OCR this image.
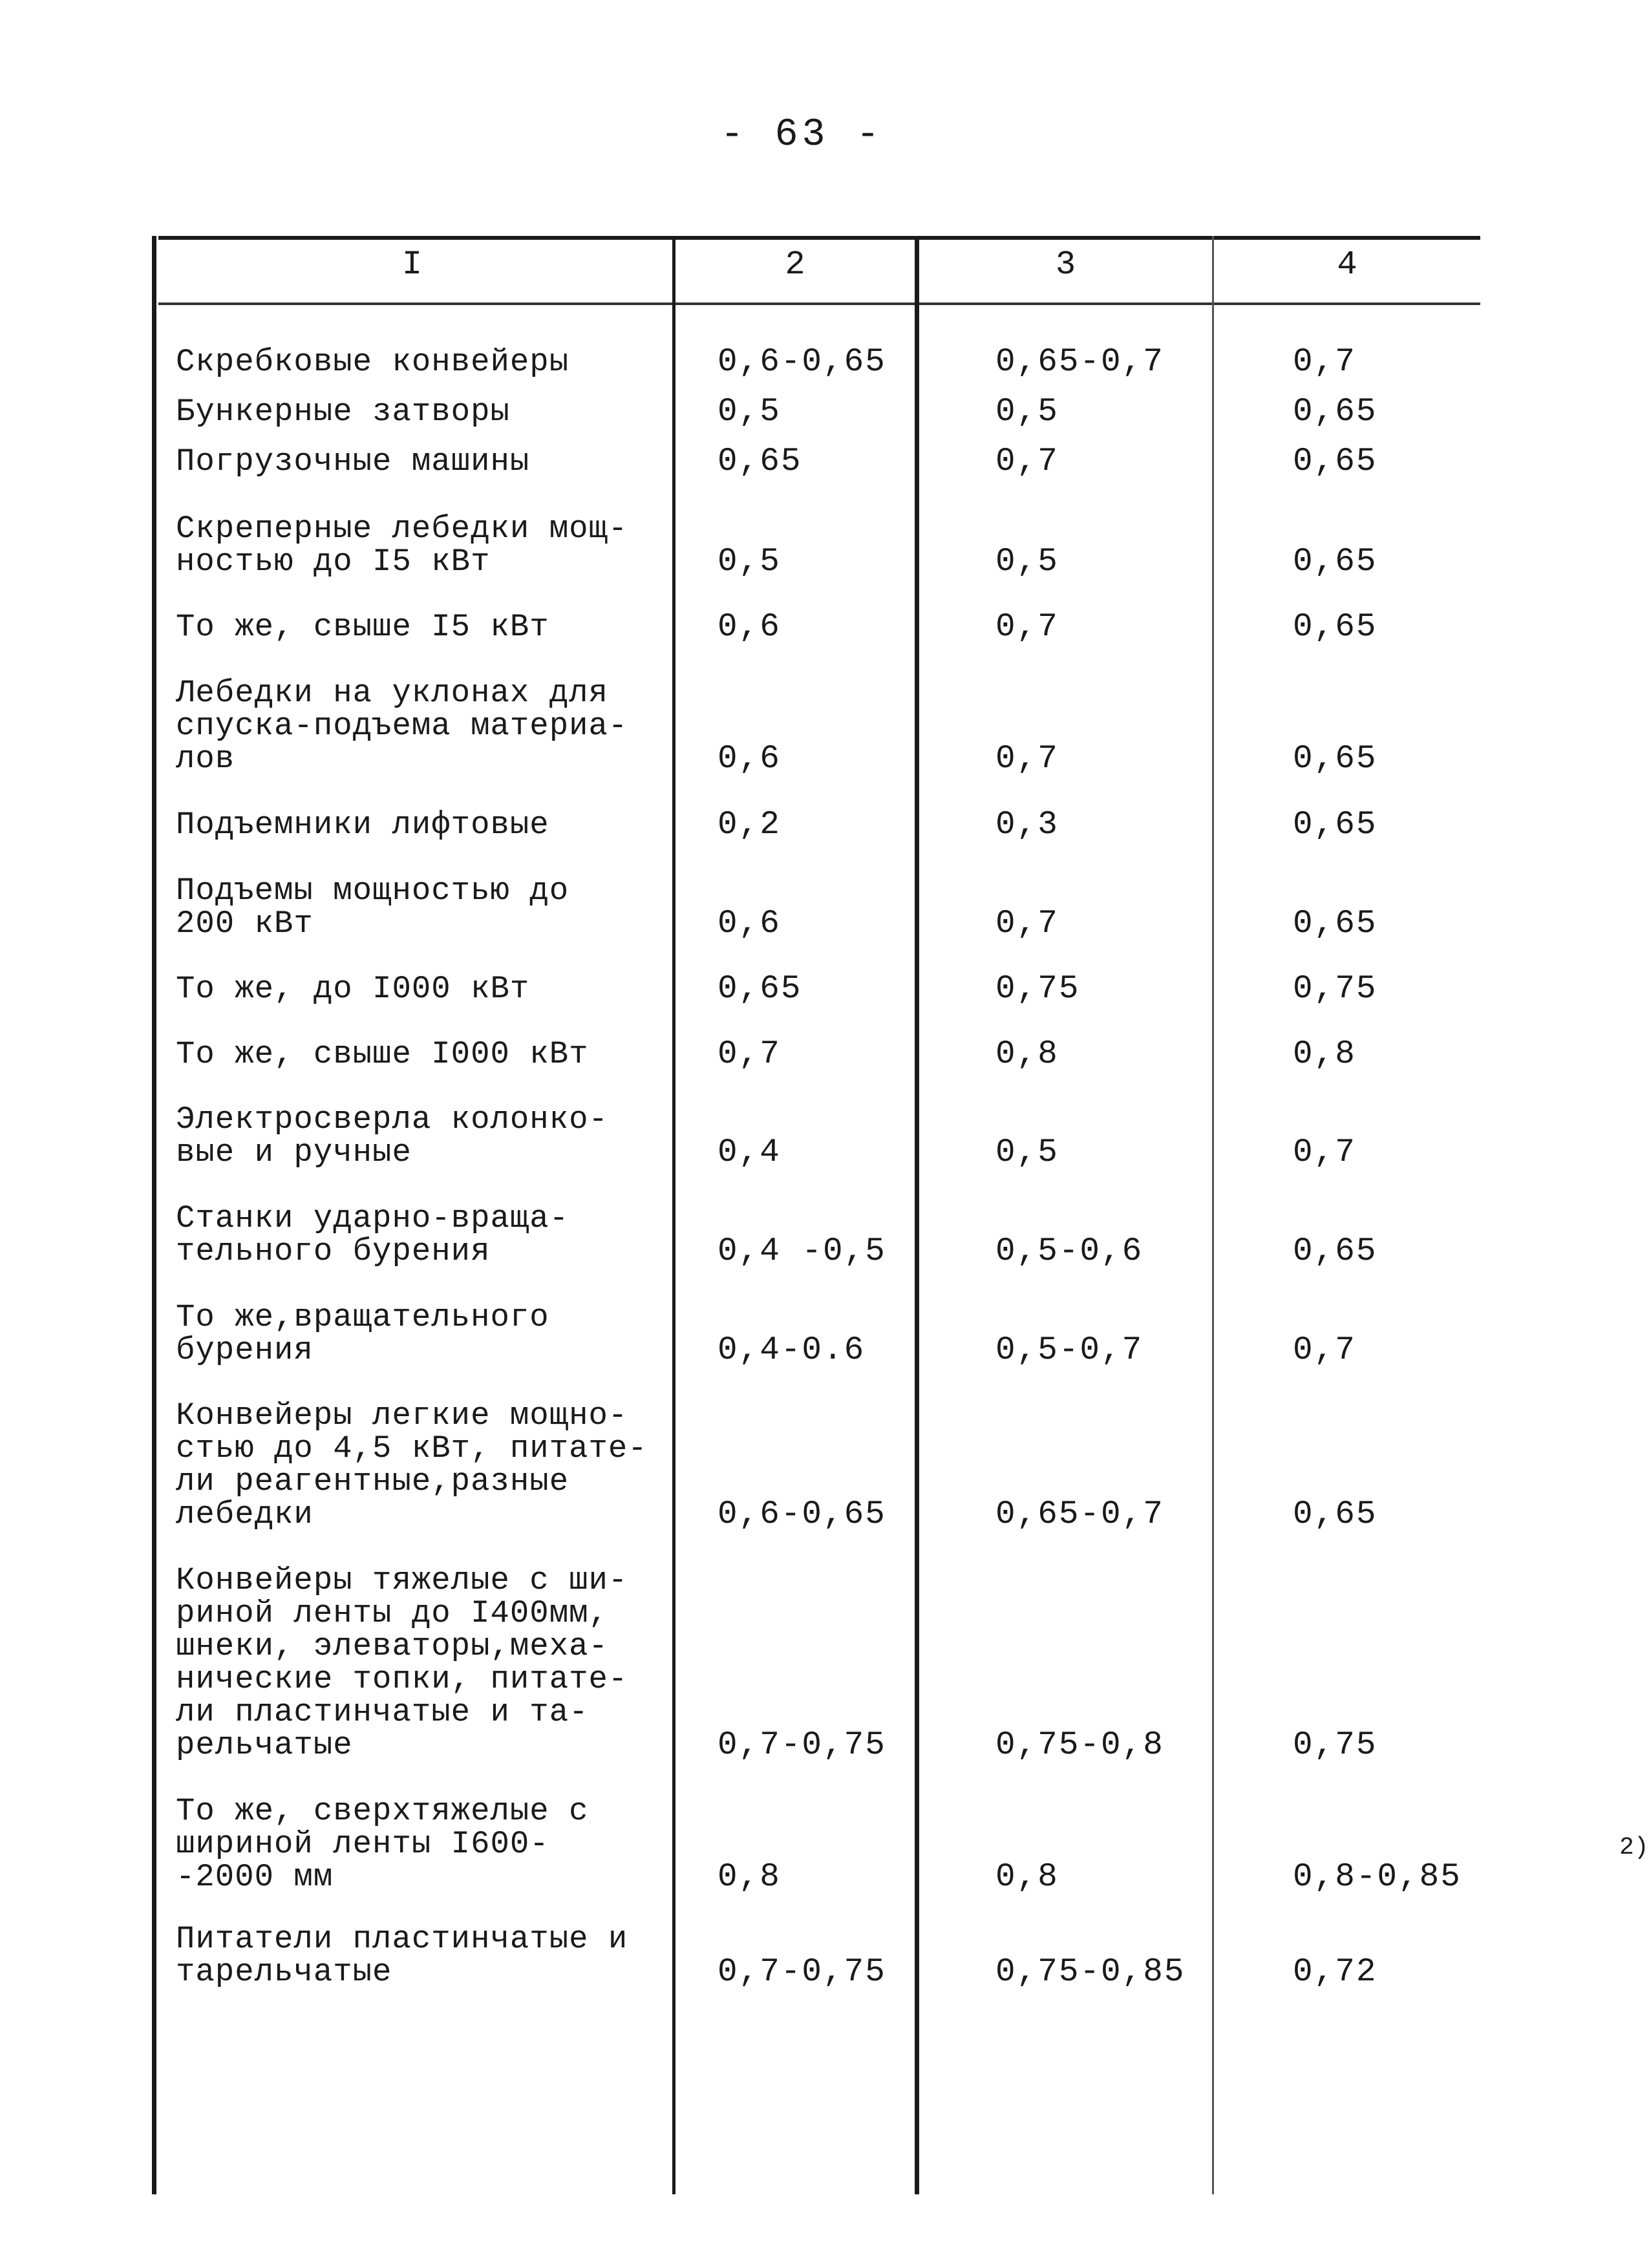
- 63 -
I	2	3	4
Скребковые конвейеры	0,6-0,65	0,65-0,7	0,7
Бункерные затворы	0,5	0,5	0,65
Погрузочные машины	0,65	0,7	0,65
Скреперные лебедки мощ-
ностью до I5 кВт	0,5	0,5	0,65
То же, свыше I5 кВт	0,6	0,7	0,65
Лебедки на уклонах для
спуска-подъема материа-
лов	0,6	0,7	0,65
Подъемники лифтовые	0,2	0,3	0,65
Подъемы мощностью до
200 кВт	0,6	0,7	0,65
То же, до I000 кВт	0,65	0,75	0,75
То же, свыше I000 кВт	0,7	0,8	0,8
Электросверла колонко-
вые и ручные	0,4	0,5	0,7
Станки ударно-враща-
тельного бурения	0,4 -0,5	0,5-0,6	0,65
То же,вращательного
бурения	0,4-0.6	0,5-0,7	0,7
Конвейеры легкие мощно-
стью до 4,5 кВт, питате-
ли реагентные,разные
лебедки	0,6-0,65	0,65-0,7	0,65
Конвейеры тяжелые с ши-
риной ленты до I400мм,
шнеки, элеваторы,меха-
нические топки, питате-
ли пластинчатые и та-
рельчатые	0,7-0,75	0,75-0,8	0,75
То же, сверхтяжелые с
шириной ленты I600-
-2000 мм	0,8	0,8	0,8-0,85
2)
Питатели пластинчатые и
тарельчатые	0,7-0,75	0,75-0,85	0,72
